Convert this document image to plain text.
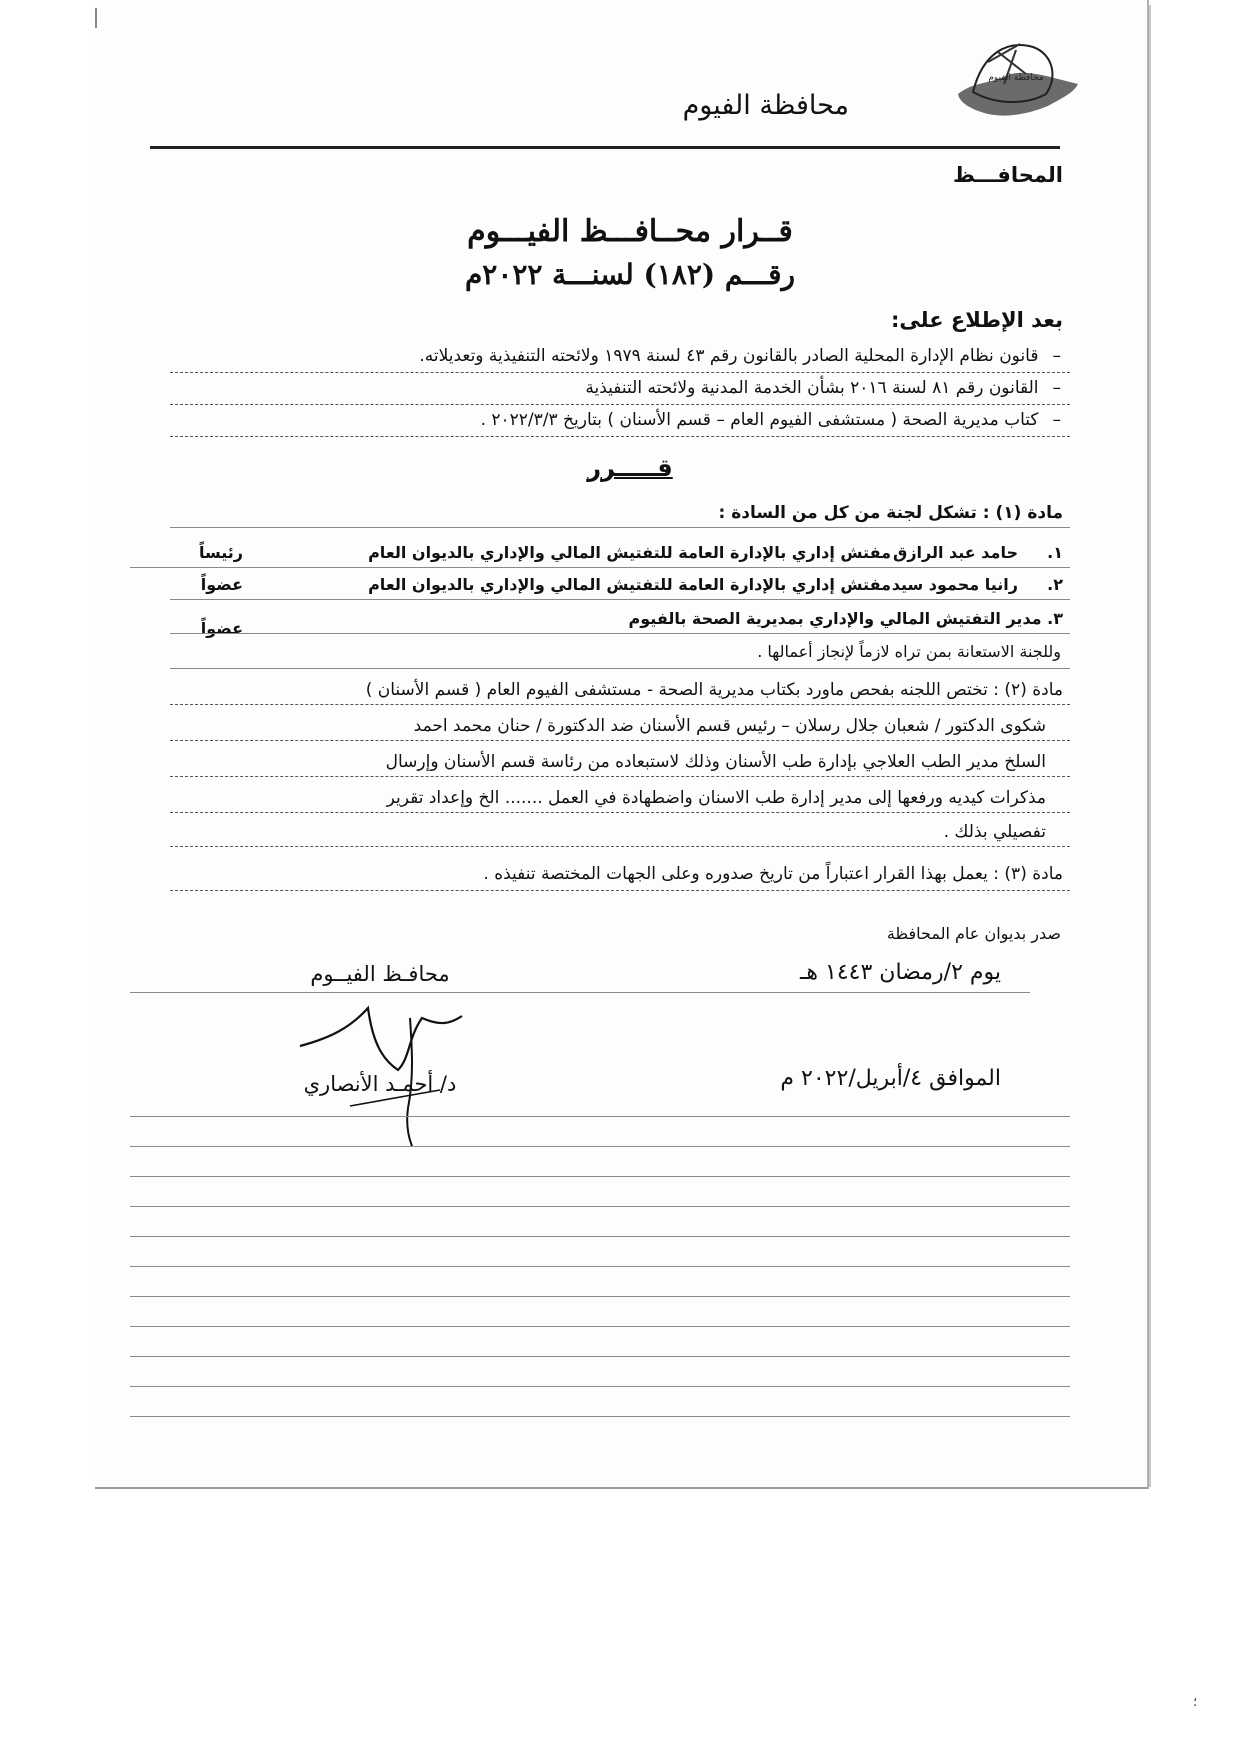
محافظة الفيوم
محافظة الفيوم
المحافـــظ
قــرار محــافـــظ الفيـــوم
رقـــم (١٨٢) لسنـــة ٢٠٢٢م
بعد الإطلاع على:
–قانون نظام الإدارة المحلية الصادر بالقانون رقم ٤٣ لسنة ١٩٧٩ ولائحته التنفيذية وتعديلاته.
–القانون رقم ٨١ لسنة ٢٠١٦ بشأن الخدمة المدنية ولائحته التنفيذية
–كتاب مديرية الصحة ( مستشفى الفيوم العام – قسم الأسنان ) بتاريخ ٢٠٢٢/٣/٣ .
قـــــرر
مادة (١) : تشكل لجنة من كل من السادة :
١.
حامد عبد الرازق
مفتش إداري بالإدارة العامة للتفتيش المالي والإداري بالديوان العام
رئيساً
٢.
رانيا محمود سيد
مفتش إداري بالإدارة العامة للتفتيش المالي والإداري بالديوان العام
عضواً
٣. مدير التفتيش المالي والإداري بمديرية الصحة بالفيوم
عضواً
وللجنة الاستعانة بمن تراه لازماً لإنجاز أعمالها .
مادة (٢) : تختص اللجنه بفحص ماورد بكتاب مديرية الصحة - مستشفى الفيوم العام ( قسم الأسنان )
شكوى الدكتور / شعبان جلال رسلان – رئيس قسم الأسنان ضد الدكتورة / حنان محمد احمد
السلخ مدير الطب العلاجي بإدارة طب الأسنان وذلك لاستبعاده من رئاسة قسم الأسنان وإرسال
مذكرات كيديه ورفعها إلى مدير إدارة طب الاسنان واضطهادة في العمل ....... الخ وإعداد تقرير
تفصيلي بذلك .
مادة (٣) : يعمل بهذا القرار اعتباراً من تاريخ صدوره وعلى الجهات المختصة تنفيذه .
صدر بديوان عام المحافظة
محافـظ الفيــوم	يوم ٢/رمضان ١٤٤٣ هـ
الموافق ٤/أبريل/٢٠٢٢ م
د/ أحمـد الأنصاري
؛
